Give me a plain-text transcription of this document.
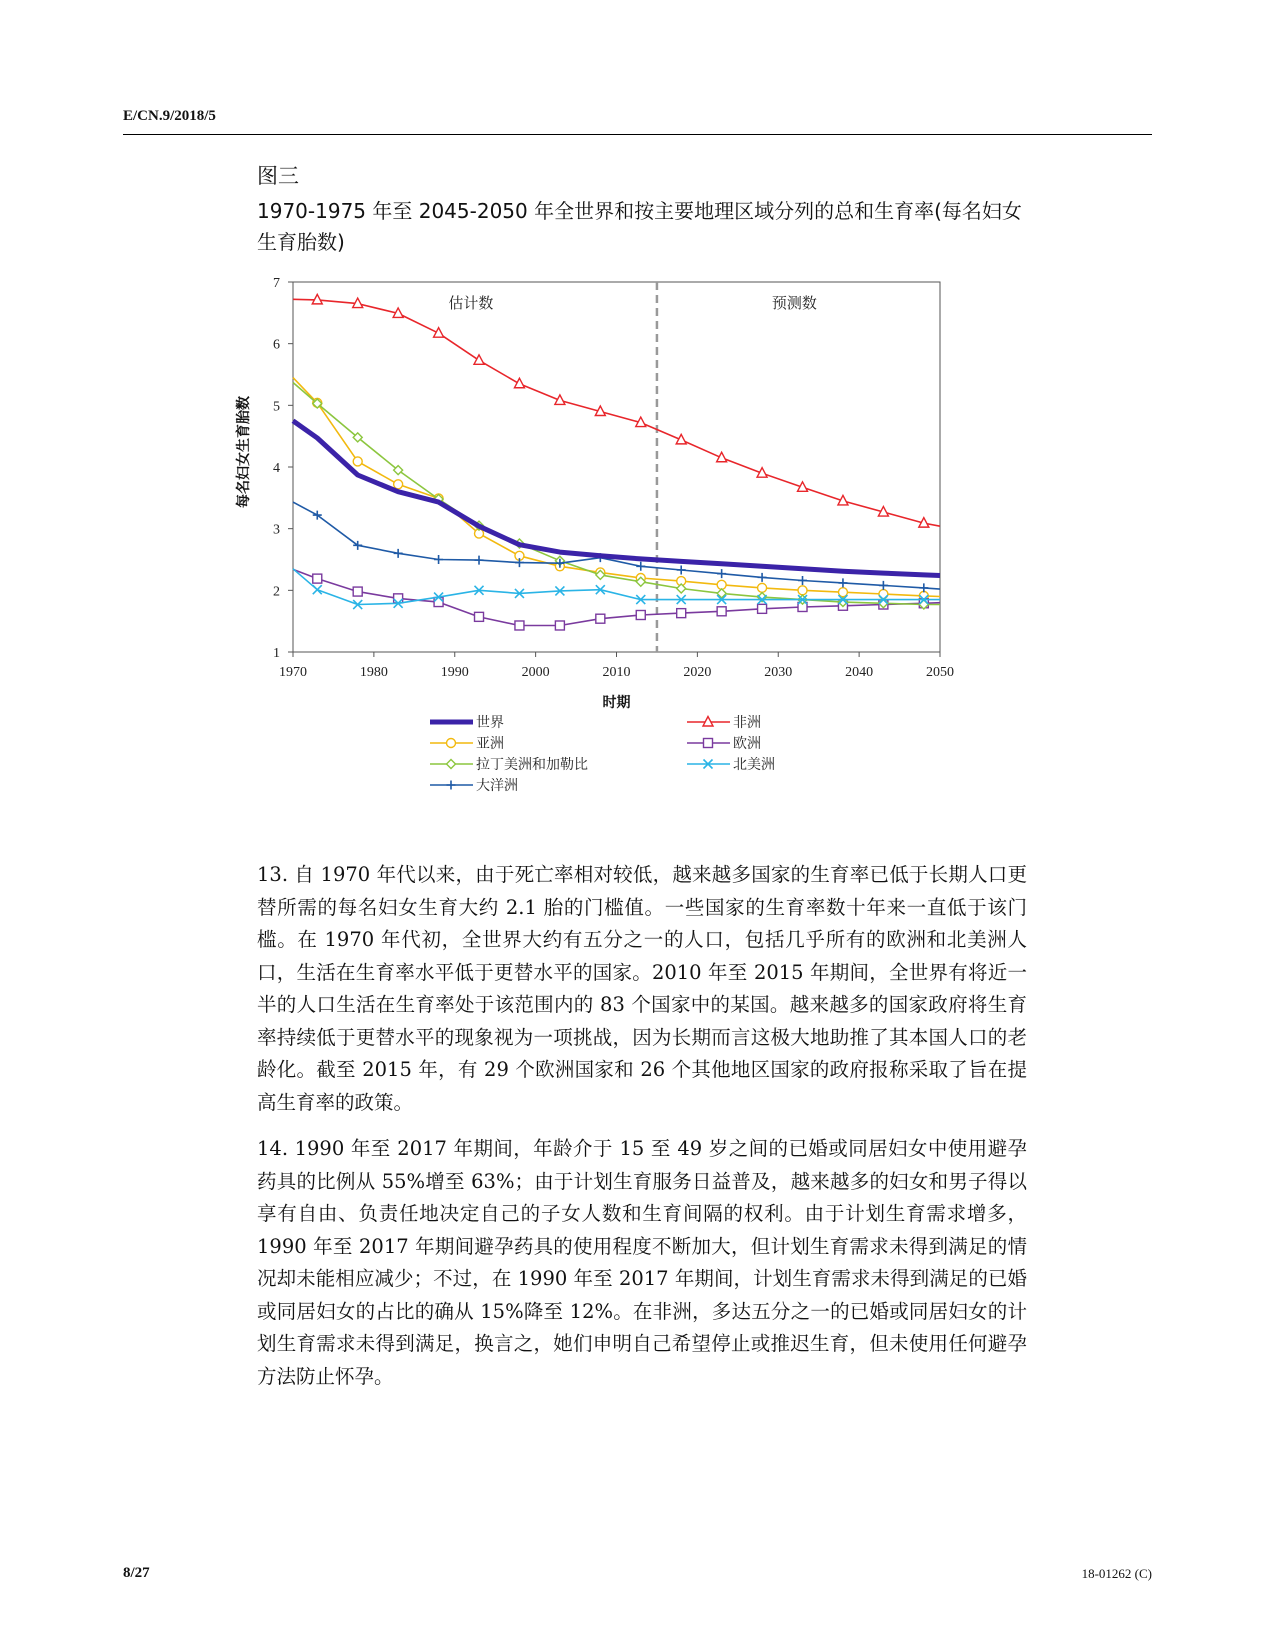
E/CN.9/2018/5
图三
1970-1975 年至 2045-2050 年全世界和按主要地理区域分列的总和生育率(每名妇女生育胎数)
1970	1980	1990	2000	2010	2020	2030	2040	2050
1
2
3
4
5
6
7
时期
每名妇女生育胎数
估计数	预测数
世界	非洲
亚洲	欧洲
拉丁美洲和加勒比	北美洲
大洋洲
13. 自 1970 年代以来，由于死亡率相对较低，越来越多国家的生育率已低于长期人口更替所需的每名妇女生育大约 2.1 胎的门槛值。一些国家的生育率数十年来一直低于该门槛。在 1970 年代初，全世界大约有五分之一的人口，包括几乎所有的欧洲和北美洲人口，生活在生育率水平低于更替水平的国家。2010 年至 2015 年期间，全世界有将近一半的人口生活在生育率处于该范围内的 83 个国家中的某国。越来越多的国家政府将生育率持续低于更替水平的现象视为一项挑战，因为长期而言这极大地助推了其本国人口的老龄化。截至 2015 年，有 29 个欧洲国家和 26 个其他地区国家的政府报称采取了旨在提高生育率的政策。
14. 1990 年至 2017 年期间，年龄介于 15 至 49 岁之间的已婚或同居妇女中使用避孕药具的比例从 55%增至 63%；由于计划生育服务日益普及，越来越多的妇女和男子得以享有自由、负责任地决定自己的子女人数和生育间隔的权利。由于计划生育需求增多，1990 年至 2017 年期间避孕药具的使用程度不断加大，但计划生育需求未得到满足的情况却未能相应减少；不过，在 1990 年至 2017 年期间，计划生育需求未得到满足的已婚或同居妇女的占比的确从 15%降至 12%。在非洲，多达五分之一的已婚或同居妇女的计划生育需求未得到满足，换言之，她们申明自己希望停止或推迟生育，但未使用任何避孕方法防止怀孕。
8/27	18-01262 (C)
